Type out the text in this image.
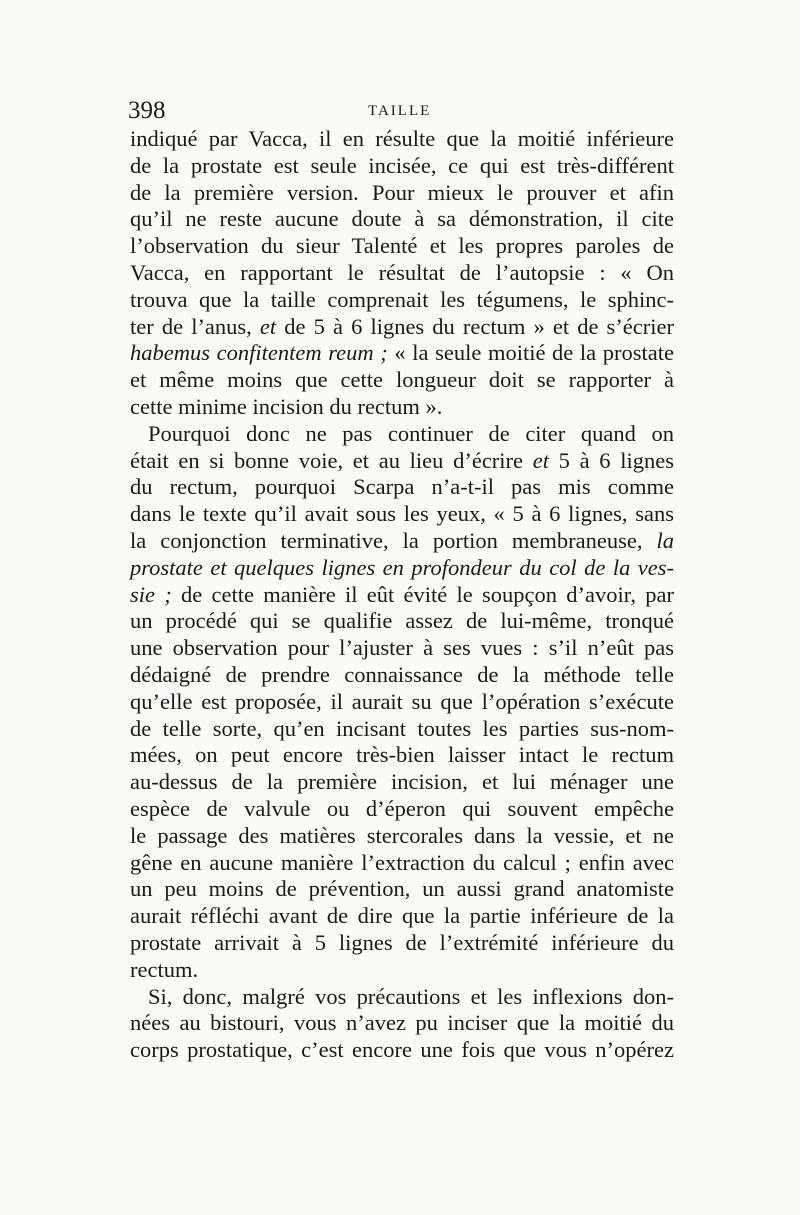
398	TAILLE
indiqué par Vacca, il en résulte que la moitié inférieure
de la prostate est seule incisée, ce qui est très-différent
de la première version. Pour mieux le prouver et afin
qu’il ne reste aucune doute à sa démonstration, il cite
l’observation du sieur Talenté et les propres paroles de
Vacca, en rapportant le résultat de l’autopsie : « On
trouva que la taille comprenait les tégumens, le sphinc-
ter de l’anus, et de 5 à 6 lignes du rectum » et de s’écrier
habemus confitentem reum ; « la seule moitié de la prostate
et même moins que cette longueur doit se rapporter à
cette minime incision du rectum ».
Pourquoi donc ne pas continuer de citer quand on
était en si bonne voie, et au lieu d’écrire et 5 à 6 lignes
du rectum, pourquoi Scarpa n’a-t-il pas mis comme
dans le texte qu’il avait sous les yeux, « 5 à 6 lignes, sans
la conjonction terminative, la portion membraneuse, la
prostate et quelques lignes en profondeur du col de la ves-
sie ; de cette manière il eût évité le soupçon d’avoir, par
un procédé qui se qualifie assez de lui-même, tronqué
une observation pour l’ajuster à ses vues : s’il n’eût pas
dédaigné de prendre connaissance de la méthode telle
qu’elle est proposée, il aurait su que l’opération s’exécute
de telle sorte, qu’en incisant toutes les parties sus-nom-
mées, on peut encore très-bien laisser intact le rectum
au-dessus de la première incision, et lui ménager une
espèce de valvule ou d’éperon qui souvent empêche
le passage des matières stercorales dans la vessie, et ne
gêne en aucune manière l’extraction du calcul ; enfin avec
un peu moins de prévention, un aussi grand anatomiste
aurait réfléchi avant de dire que la partie inférieure de la
prostate arrivait à 5 lignes de l’extrémité inférieure du
rectum.
Si, donc, malgré vos précautions et les inflexions don-
nées au bistouri, vous n’avez pu inciser que la moitié du
corps prostatique, c’est encore une fois que vous n’opérez
